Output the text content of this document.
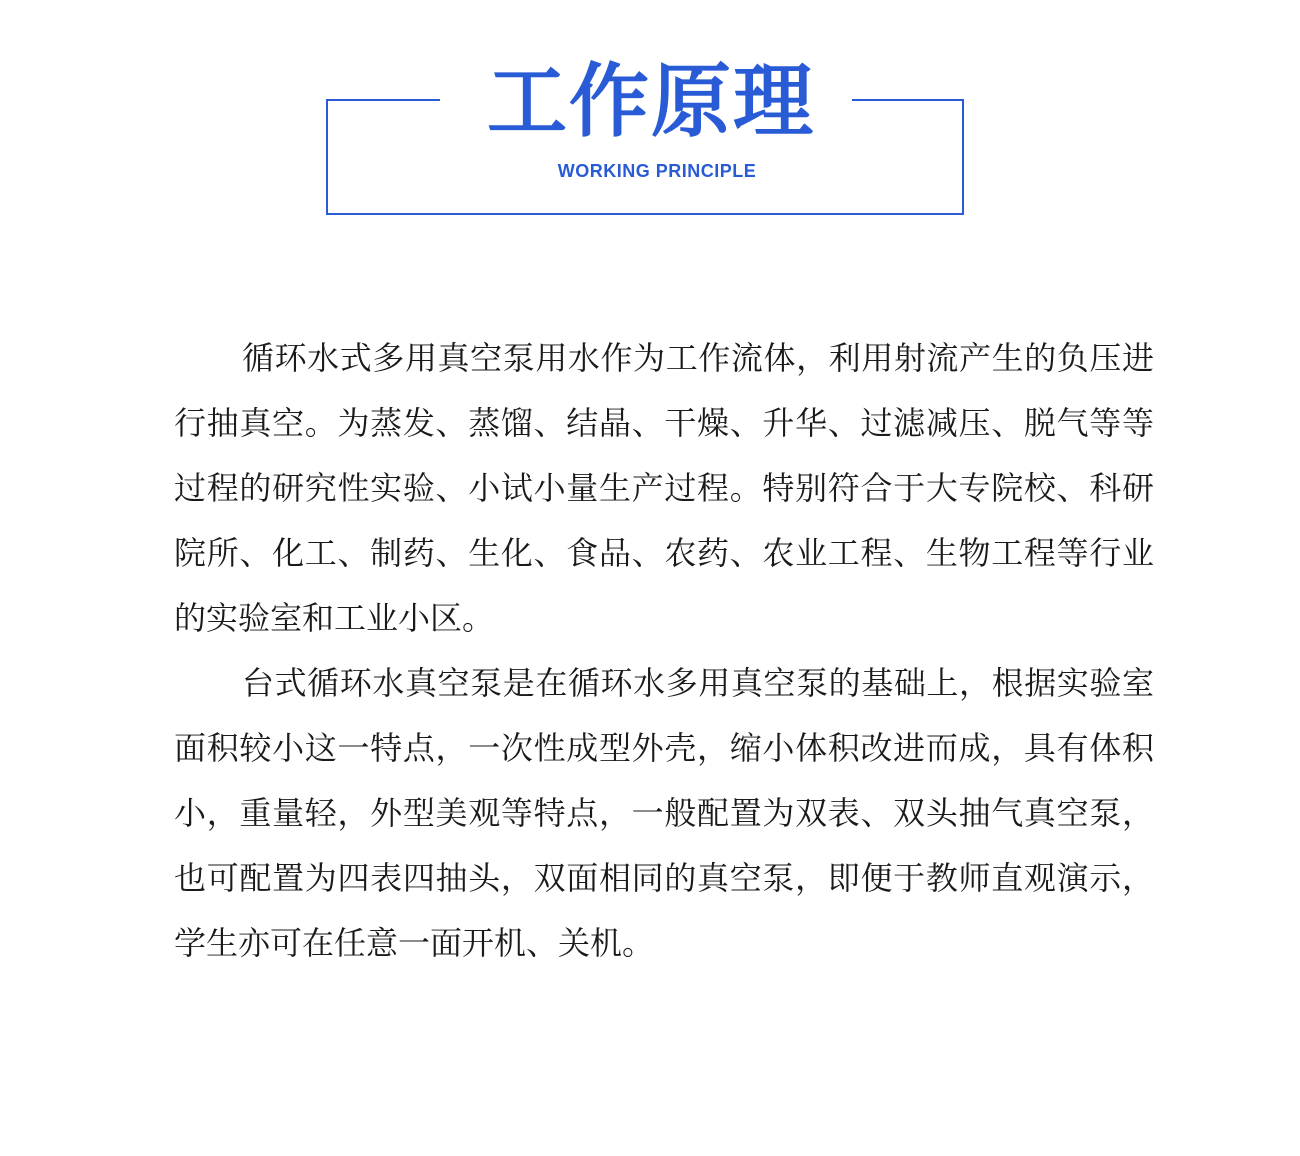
工作原理
WORKING PRINCIPLE

循环水式多用真空泵用水作为工作流体，利用射流产生的负压进行抽真空。为蒸发、蒸馏、结晶、干燥、升华、过滤减压、脱气等等过程的研究性实验、小试小量生产过程。特别符合于大专院校、科研院所、化工、制药、生化、食品、农药、农业工程、生物工程等行业的实验室和工业小区。

台式循环水真空泵是在循环水多用真空泵的基础上，根据实验室面积较小这一特点，一次性成型外壳，缩小体积改进而成，具有体积小，重量轻，外型美观等特点，一般配置为双表、双头抽气真空泵，也可配置为四表四抽头，双面相同的真空泵，即便于教师直观演示，学生亦可在任意一面开机、关机。
